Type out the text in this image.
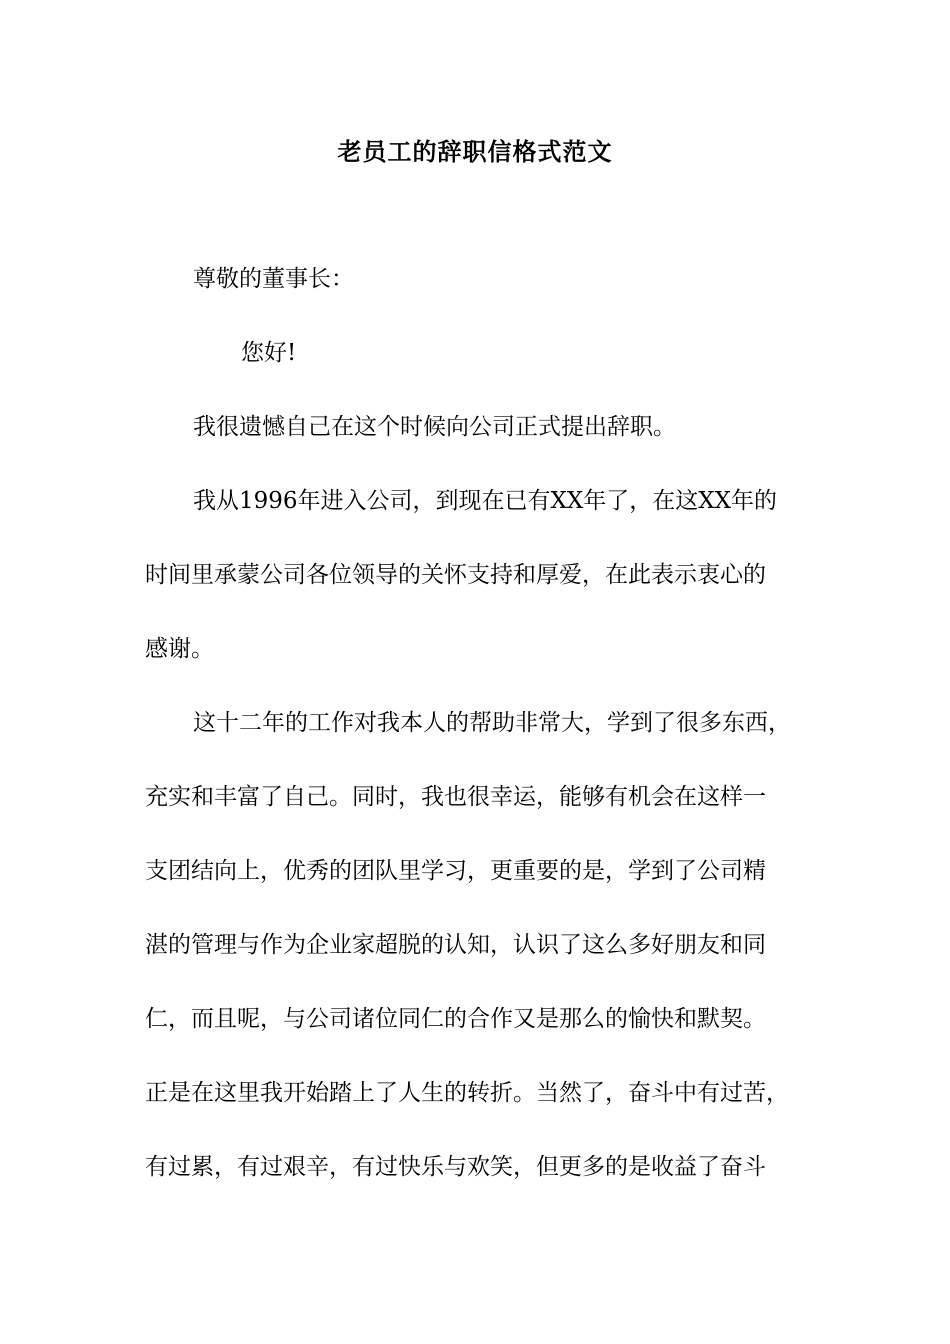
老员工的辞职信格式范文
尊敬的董事长：
您好!
我很遗憾自己在这个时候向公司正式提出辞职。
我从1996年进入公司，到现在已有XX年了，在这XX年的
时间里承蒙公司各位领导的关怀支持和厚爱，在此表示衷心的
感谢。
这十二年的工作对我本人的帮助非常大，学到了很多东西，
充实和丰富了自己。同时，我也很幸运，能够有机会在这样一
支团结向上，优秀的团队里学习，更重要的是，学到了公司精
湛的管理与作为企业家超脱的认知，认识了这么多好朋友和同
仁，而且呢，与公司诸位同仁的合作又是那么的愉快和默契。
正是在这里我开始踏上了人生的转折。当然了，奋斗中有过苦，
有过累，有过艰辛，有过快乐与欢笑，但更多的是收益了奋斗
